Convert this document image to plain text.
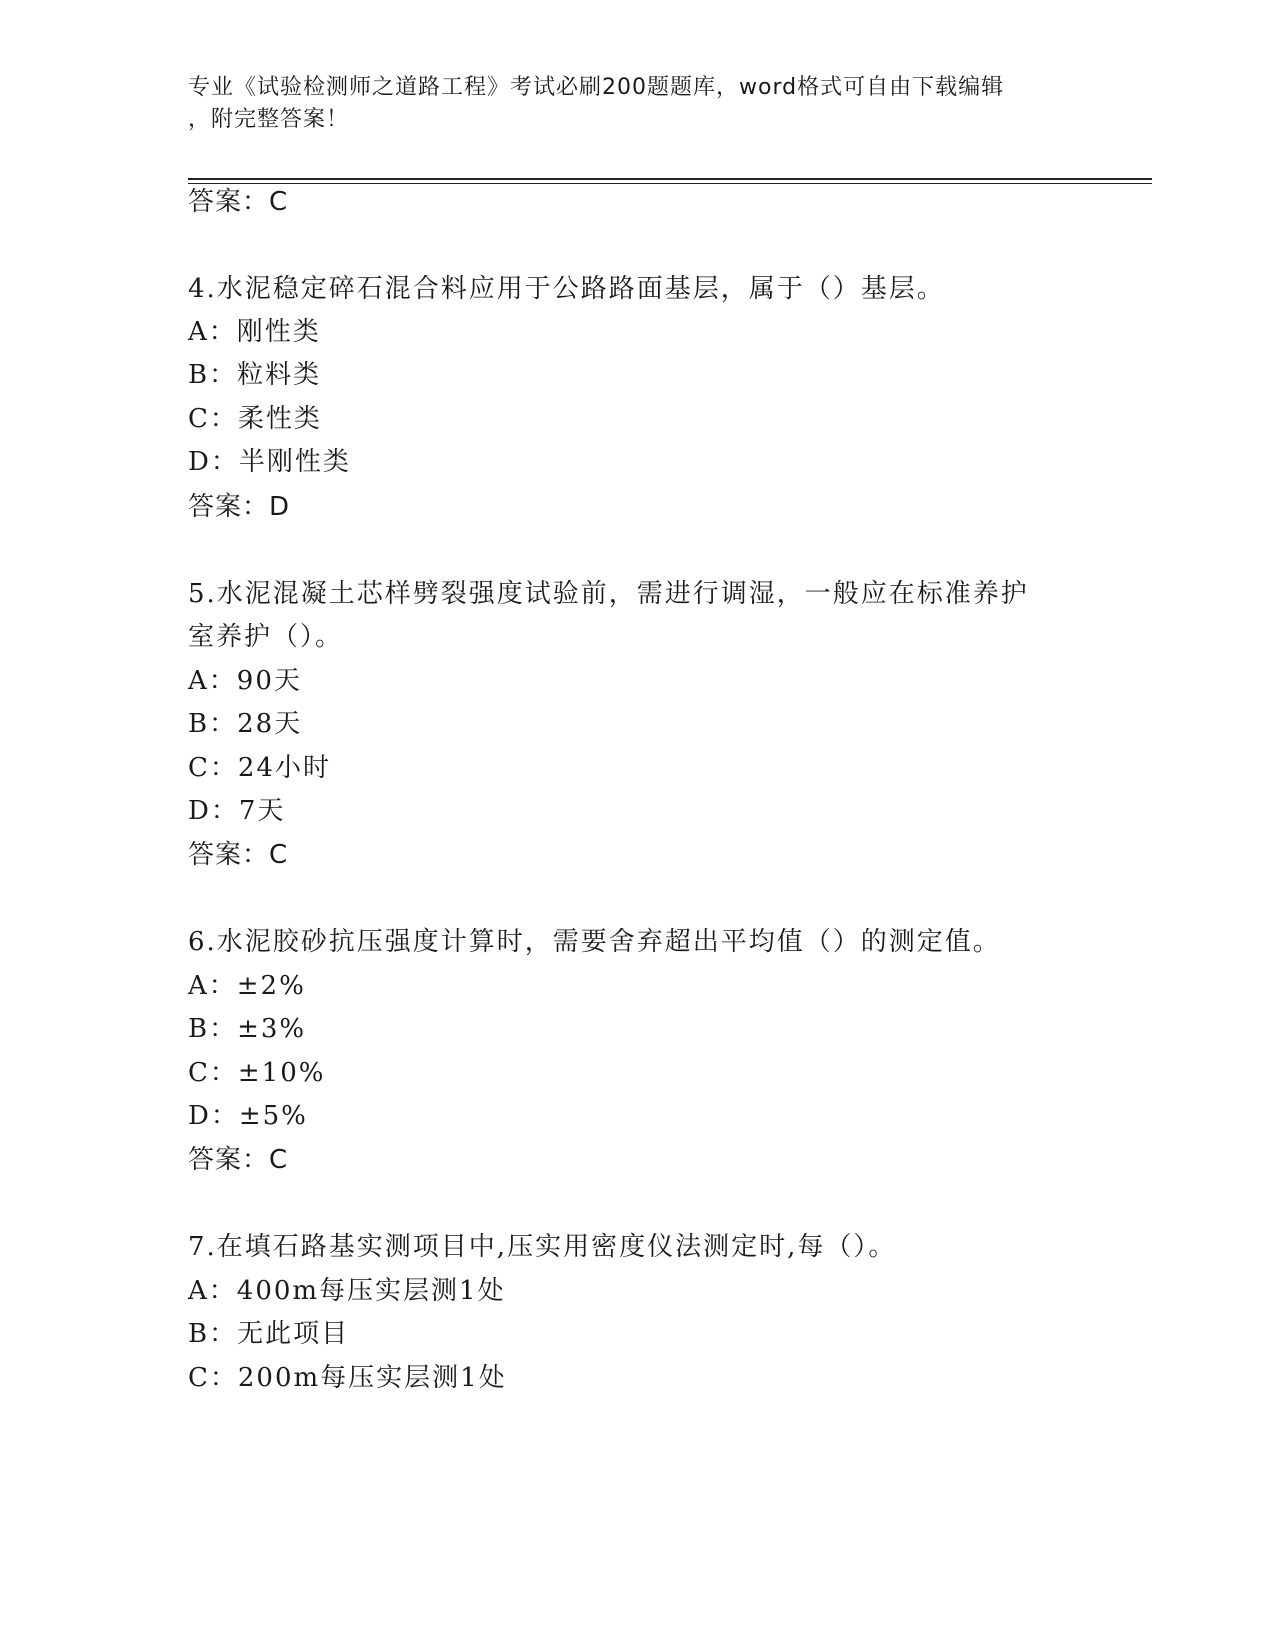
专业《试验检测师之道路工程》考试必刷200题题库，word格式可自由下载编辑
，附完整答案！
答案：C
4.水泥稳定碎石混合料应用于公路路面基层，属于（）基层。
A：刚性类
B：粒料类
C：柔性类
D：半刚性类
答案：D
5.水泥混凝土芯样劈裂强度试验前，需进行调湿，一般应在标准养护
室养护（）。
A：90天
B：28天
C：24小时
D：7天
答案：C
6.水泥胶砂抗压强度计算时，需要舍弃超出平均值（）的测定值。
A：±2%
B：±3%
C：±10%
D：±5%
答案：C
7.在填石路基实测项目中,压实用密度仪法测定时,每（）。
A：400m每压实层测1处
B：无此项目
C：200m每压实层测1处
